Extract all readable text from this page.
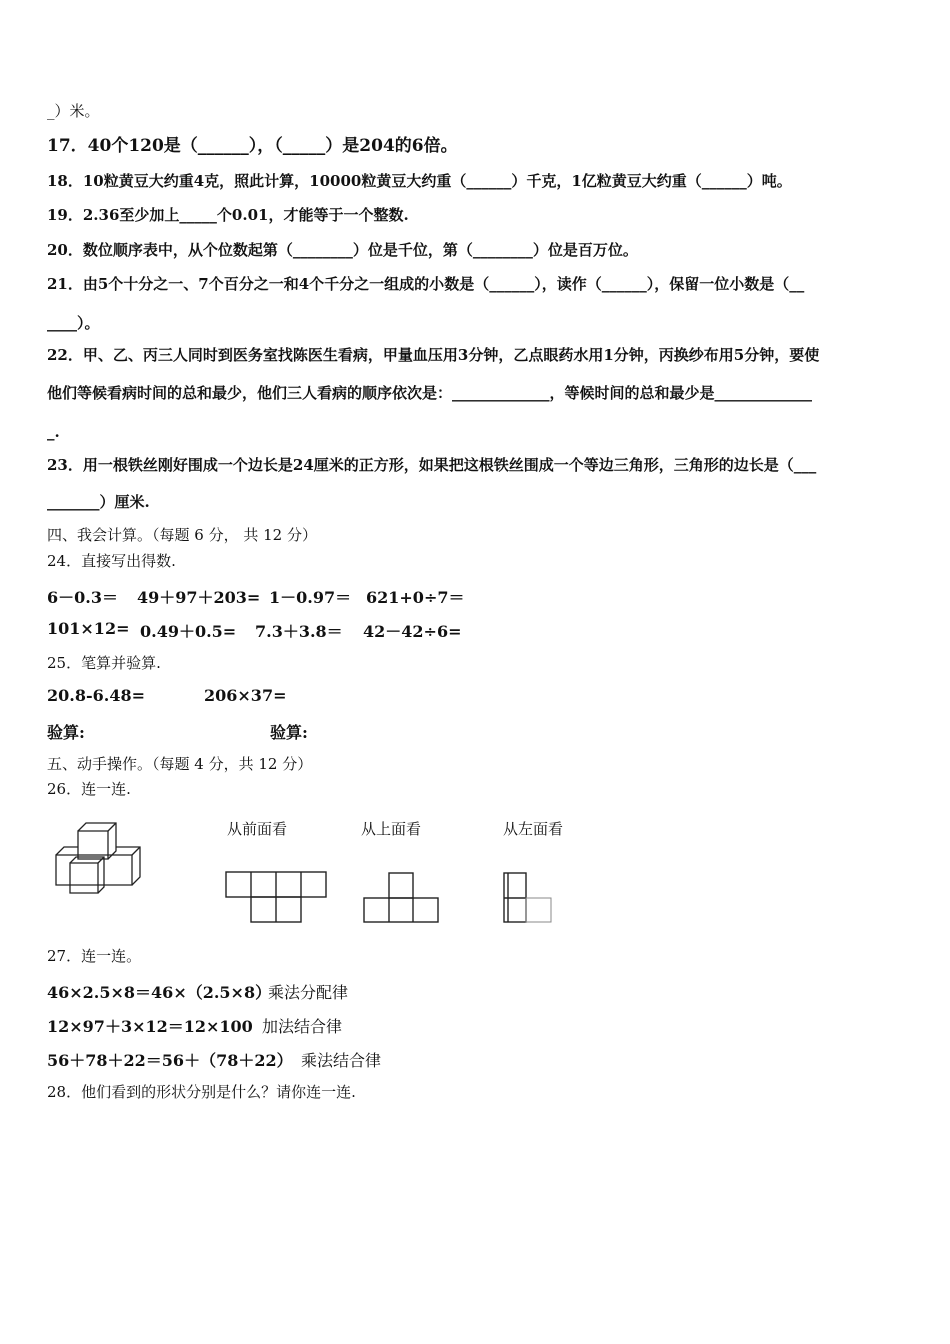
_）米。
17．40个120是（______），（_____）是204的6倍。
18．10粒黄豆大约重4克，照此计算，10000粒黄豆大约重（______）千克，1亿粒黄豆大约重（______）吨。
19．2.36至少加上_____个0.01，才能等于一个整数.
20．数位顺序表中，从个位数起第（________）位是千位，第（________）位是百万位。
21．由5个十分之一、7个百分之一和4个千分之一组成的小数是（______），读作（______），保留一位小数是（__
____）。
22．甲、乙、丙三人同时到医务室找陈医生看病，甲量血压用3分钟，乙点眼药水用1分钟，丙换纱布用5分钟，要使
他们等候看病时间的总和最少，他们三人看病的顺序依次是：_____________，等候时间的总和最少是_____________
_.
23．用一根铁丝刚好围成一个边长是24厘米的正方形，如果把这根铁丝围成一个等边三角形，三角形的边长是（___
_______）厘米.
四、我会计算。（每题 6 分， 共 12 分）
24．直接写出得数.
6－0.3＝ 49＋97＋203= 1－0.97＝ 621+0÷7＝
101×12= 0.49＋0.5= 7.3＋3.8＝ 42－42÷6=
25．笔算并验算.
20.8-6.48=	206×37=
验算:	验算:
五、动手操作。（每题 4 分，共 12 分）
26．连一连.
从前面看	从上面看	从左面看
27．连一连。
46×2.5×8＝46×（2.5×8）
乘法分配律
12×97＋3×12＝12×100 加法结合律
56＋78＋22＝56＋（78＋22） 乘法结合律
28．他们看到的形状分别是什么？请你连一连.
